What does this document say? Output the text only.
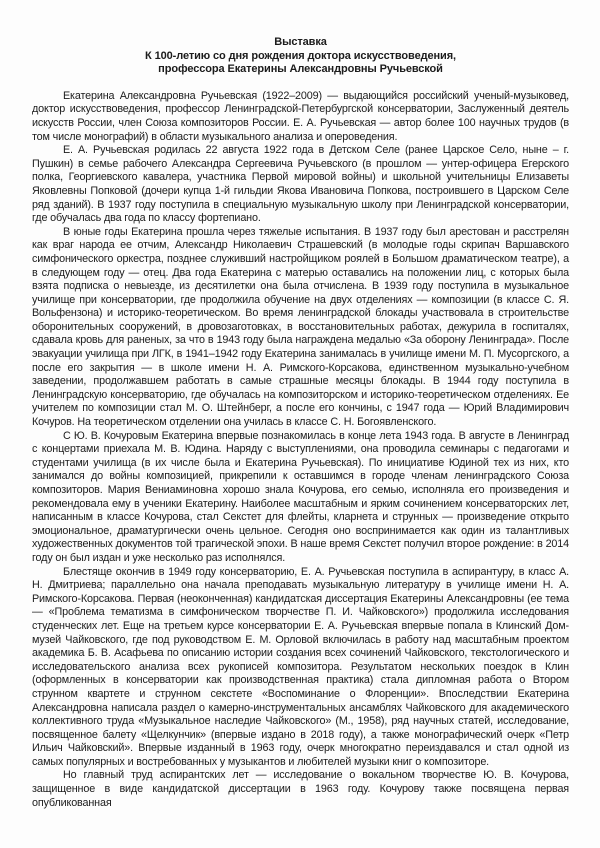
Выставка
К 100-летию со дня рождения доктора искусствоведения,
профессора Екатерины Александровны Ручьевской

Екатерина Александровна Ручьевская (1922–2009) — выдающийся российский ученый-музыковед, доктор искусствоведения, профессор Ленинградской-Петербургской консерватории, Заслуженный деятель искусств России, член Союза композиторов России. Е. А. Ручьевская — автор более 100 научных трудов (в том числе монографий) в области музыкального анализа и опероведения.

Е. А. Ручьевская родилась 22 августа 1922 года в Детском Селе (ранее Царское Село, ныне – г. Пушкин) в семье рабочего Александра Сергеевича Ручьевского (в прошлом — унтер-офицера Егерского полка, Георгиевского кавалера, участника Первой мировой войны) и школьной учительницы Елизаветы Яковлевны Попковой (дочери купца 1-й гильдии Якова Ивановича Попкова, построившего в Царском Селе ряд зданий). В 1937 году поступила в специальную музыкальную школу при Ленинградской консерватории, где обучалась два года по классу фортепиано.

В юные годы Екатерина прошла через тяжелые испытания. В 1937 году был арестован и расстрелян как враг народа ее отчим, Александр Николаевич Страшевский (в молодые годы скрипач Варшавского симфонического оркестра, позднее служивший настройщиком роялей в Большом драматическом театре), а в следующем году — отец. Два года Екатерина с матерью оставались на положении лиц, с которых была взята подписка о невыезде, из десятилетки она была отчислена. В 1939 году поступила в музыкальное училище при консерватории, где продолжила обучение на двух отделениях — композиции (в классе С. Я. Вольфензона) и историко-теоретическом. Во время ленинградской блокады участвовала в строительстве оборонительных сооружений, в дровозаготовках, в восстановительных работах, дежурила в госпиталях, сдавала кровь для раненых, за что в 1943 году была награждена медалью «За оборону Ленинграда». После эвакуации училища при ЛГК, в 1941–1942 году Екатерина занималась в училище имени М. П. Мусоргского, а после его закрытия — в школе имени Н. А. Римского-Корсакова, единственном музыкально-учебном заведении, продолжавшем работать в самые страшные месяцы блокады. В 1944 году поступила в Ленинградскую консерваторию, где обучалась на композиторском и историко-теоретическом отделениях. Ее учителем по композиции стал М. О. Штейнберг, а после его кончины, с 1947 года — Юрий Владимирович Кочуров. На теоретическом отделении она училась в классе С. Н. Богоявленского.

С Ю. В. Кочуровым Екатерина впервые познакомилась в конце лета 1943 года. В августе в Ленинград с концертами приехала М. В. Юдина. Наряду с выступлениями, она проводила семинары с педагогами и студентами училища (в их числе была и Екатерина Ручьевская). По инициативе Юдиной тех из них, кто занимался до войны композицией, прикрепили к оставшимся в городе членам ленинградского Союза композиторов. Мария Вениаминовна хорошо знала Кочурова, его семью, исполняла его произведения и рекомендовала ему в ученики Екатерину. Наиболее масштабным и ярким сочинением консерваторских лет, написанным в классе Кочурова, стал Секстет для флейты, кларнета и струнных — произведение открыто эмоциональное, драматургически очень цельное. Сегодня оно воспринимается как один из талантливых художественных документов той трагической эпохи. В наше время Секстет получил второе рождение: в 2014 году он был издан и уже несколько раз исполнялся.

Блестяще окончив в 1949 году консерваторию, Е. А. Ручьевская поступила в аспирантуру, в класс А. Н. Дмитриева; параллельно она начала преподавать музыкальную литературу в училище имени Н. А. Римского-Корсакова. Первая (неоконченная) кандидатская диссертация Екатерины Александровны (ее тема — «Проблема тематизма в симфоническом творчестве П. И. Чайковского») продолжила исследования студенческих лет. Еще на третьем курсе консерватории Е. А. Ручьевская впервые попала в Клинский Дом-музей Чайковского, где под руководством Е. М. Орловой включилась в работу над масштабным проектом академика Б. В. Асафьева по описанию истории создания всех сочинений Чайковского, текстологического и исследовательского анализа всех рукописей композитора. Результатом нескольких поездок в Клин (оформленных в консерватории как производственная практика) стала дипломная работа о Втором струнном квартете и струнном секстете «Воспоминание о Флоренции». Впоследствии Екатерина Александровна написала раздел о камерно-инструментальных ансамблях Чайковского для академического коллективного труда «Музыкальное наследие Чайковского» (М., 1958), ряд научных статей, исследование, посвященное балету «Щелкунчик» (впервые издано в 2018 году), а также монографический очерк «Петр Ильич Чайковский». Впервые изданный в 1963 году, очерк многократно переиздавался и стал одной из самых популярных и востребованных у музыкантов и любителей музыки книг о композиторе.

Но главный труд аспирантских лет — исследование о вокальном творчестве Ю. В. Кочурова, защищенное в виде кандидатской диссертации в 1963 году. Кочурову также посвящена первая опубликованная
